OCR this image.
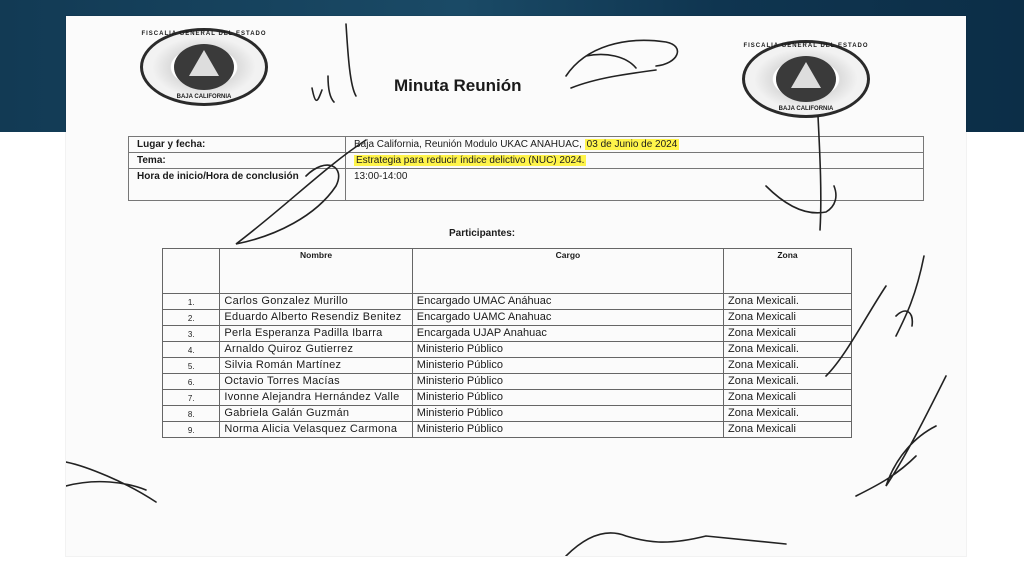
FISCALIA GENERAL DEL ESTADO
BAJA CALIFORNIA
FISCALIA GENERAL DEL ESTADO
BAJA CALIFORNIA
Minuta Reunión
Lugar y fecha:	Baja California, Reunión Modulo UKAC ANAHUAC, 03 de Junio de 2024
Tema:	Estrategia para reducir índice delictivo (NUC) 2024.
Hora de inicio/Hora de conclusión	13:00-14:00
Participantes:
	Nombre	Cargo	Zona
1.	Carlos Gonzalez Murillo	Encargado UMAC Anáhuac	Zona Mexicali.
2.	Eduardo Alberto Resendiz Benitez	Encargado UAMC Anahuac	Zona Mexicali
3.	Perla Esperanza Padilla Ibarra	Encargada UJAP Anahuac	Zona Mexicali
4.	Arnaldo Quiroz Gutierrez	Ministerio Público	Zona Mexicali.
5.	Silvia Román Martínez	Ministerio Público	Zona Mexicali.
6.	Octavio Torres Macías	Ministerio Público	Zona Mexicali.
7.	Ivonne Alejandra Hernández Valle	Ministerio Público	Zona Mexicali
8.	Gabriela Galán Guzmán	Ministerio Público	Zona Mexicali.
9.	Norma Alicia Velasquez Carmona	Ministerio Público	Zona Mexicali
